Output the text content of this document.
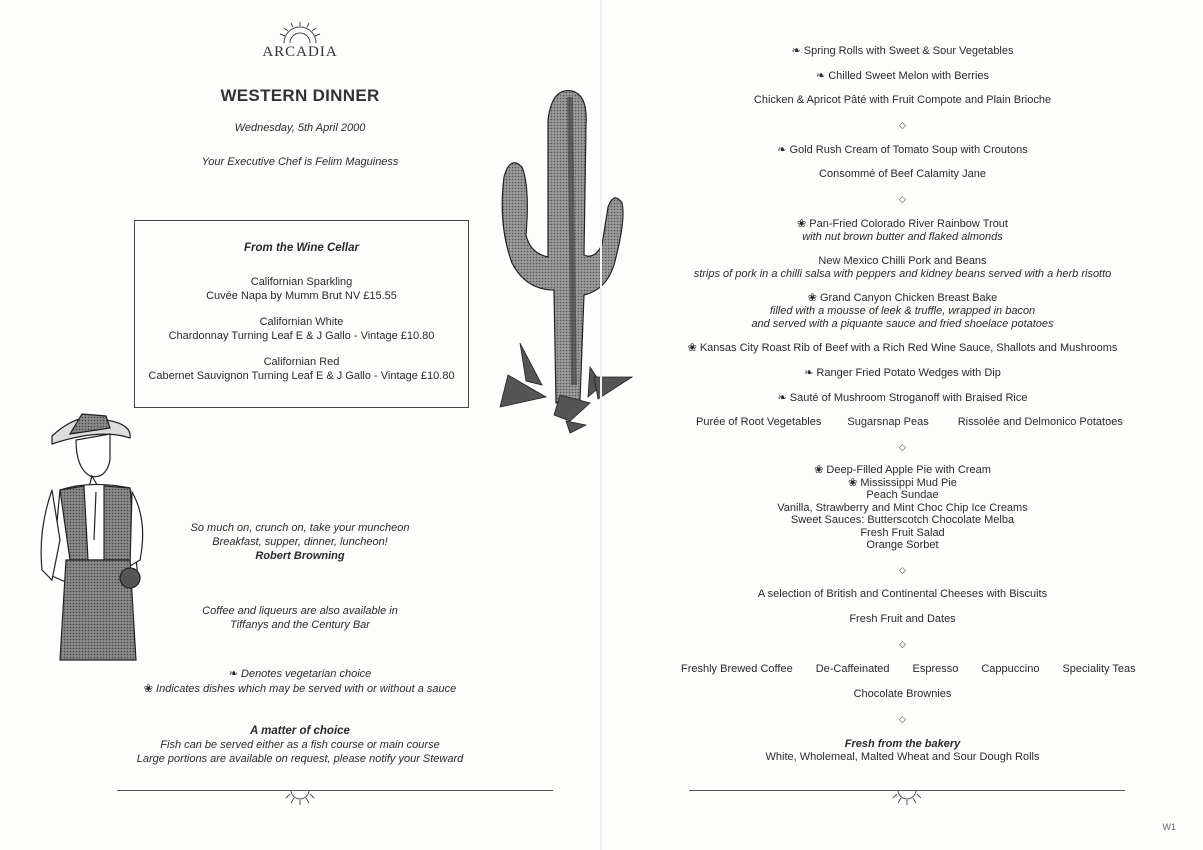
ARCADIA
WESTERN DINNER
Wednesday, 5th April 2000
Your Executive Chef is Felim Maguiness
From the Wine Cellar
Californian Sparkling
Cuvée Napa by Mumm Brut NV £15.55
Californian White
Chardonnay Turning Leaf E & J Gallo - Vintage £10.80
Californian Red
Cabernet Sauvignon Turning Leaf E & J Gallo - Vintage £10.80
So much on, crunch on, take your muncheon
Breakfast, supper, dinner, luncheon!
Robert Browning
Coffee and liqueurs are also available in
Tiffanys and the Century Bar
❧ Denotes vegetarian choice
❀ Indicates dishes which may be served with or without a sauce
A matter of choice
Fish can be served either as a fish course or main course
Large portions are available on request, please notify your Steward
❧ Spring Rolls with Sweet & Sour Vegetables
❧ Chilled Sweet Melon with Berries
Chicken & Apricot Pâté with Fruit Compote and Plain Brioche
◇
❧ Gold Rush Cream of Tomato Soup with Croutons
Consommé of Beef Calamity Jane
◇
❀ Pan-Fried Colorado River Rainbow Trout
with nut brown butter and flaked almonds
New Mexico Chilli Pork and Beans
strips of pork in a chilli salsa with peppers and kidney beans served with a herb risotto
❀ Grand Canyon Chicken Breast Bake
filled with a mousse of leek & truffle, wrapped in bacon
and served with a piquante sauce and fried shoelace potatoes
❀ Kansas City Roast Rib of Beef with a Rich Red Wine Sauce, Shallots and Mushrooms
❧ Ranger Fried Potato Wedges with Dip
❧ Sauté of Mushroom Stroganoff with Braised Rice
Purée of Root Vegetables Sugarsnap Peas	Rissolée and Delmonico Potatoes
◇
❀ Deep-Filled Apple Pie with Cream
❀ Mississippi Mud Pie
Peach Sundae
Vanilla, Strawberry and Mint Choc Chip Ice Creams
Sweet Sauces: Butterscotch Chocolate Melba
Fresh Fruit Salad
Orange Sorbet
◇
A selection of British and Continental Cheeses with Biscuits
Fresh Fruit and Dates
◇
Freshly Brewed Coffee De-Caffeinated Espresso Cappuccino Speciality Teas
Chocolate Brownies
◇
Fresh from the bakery
White, Wholemeal, Malted Wheat and Sour Dough Rolls
W1
